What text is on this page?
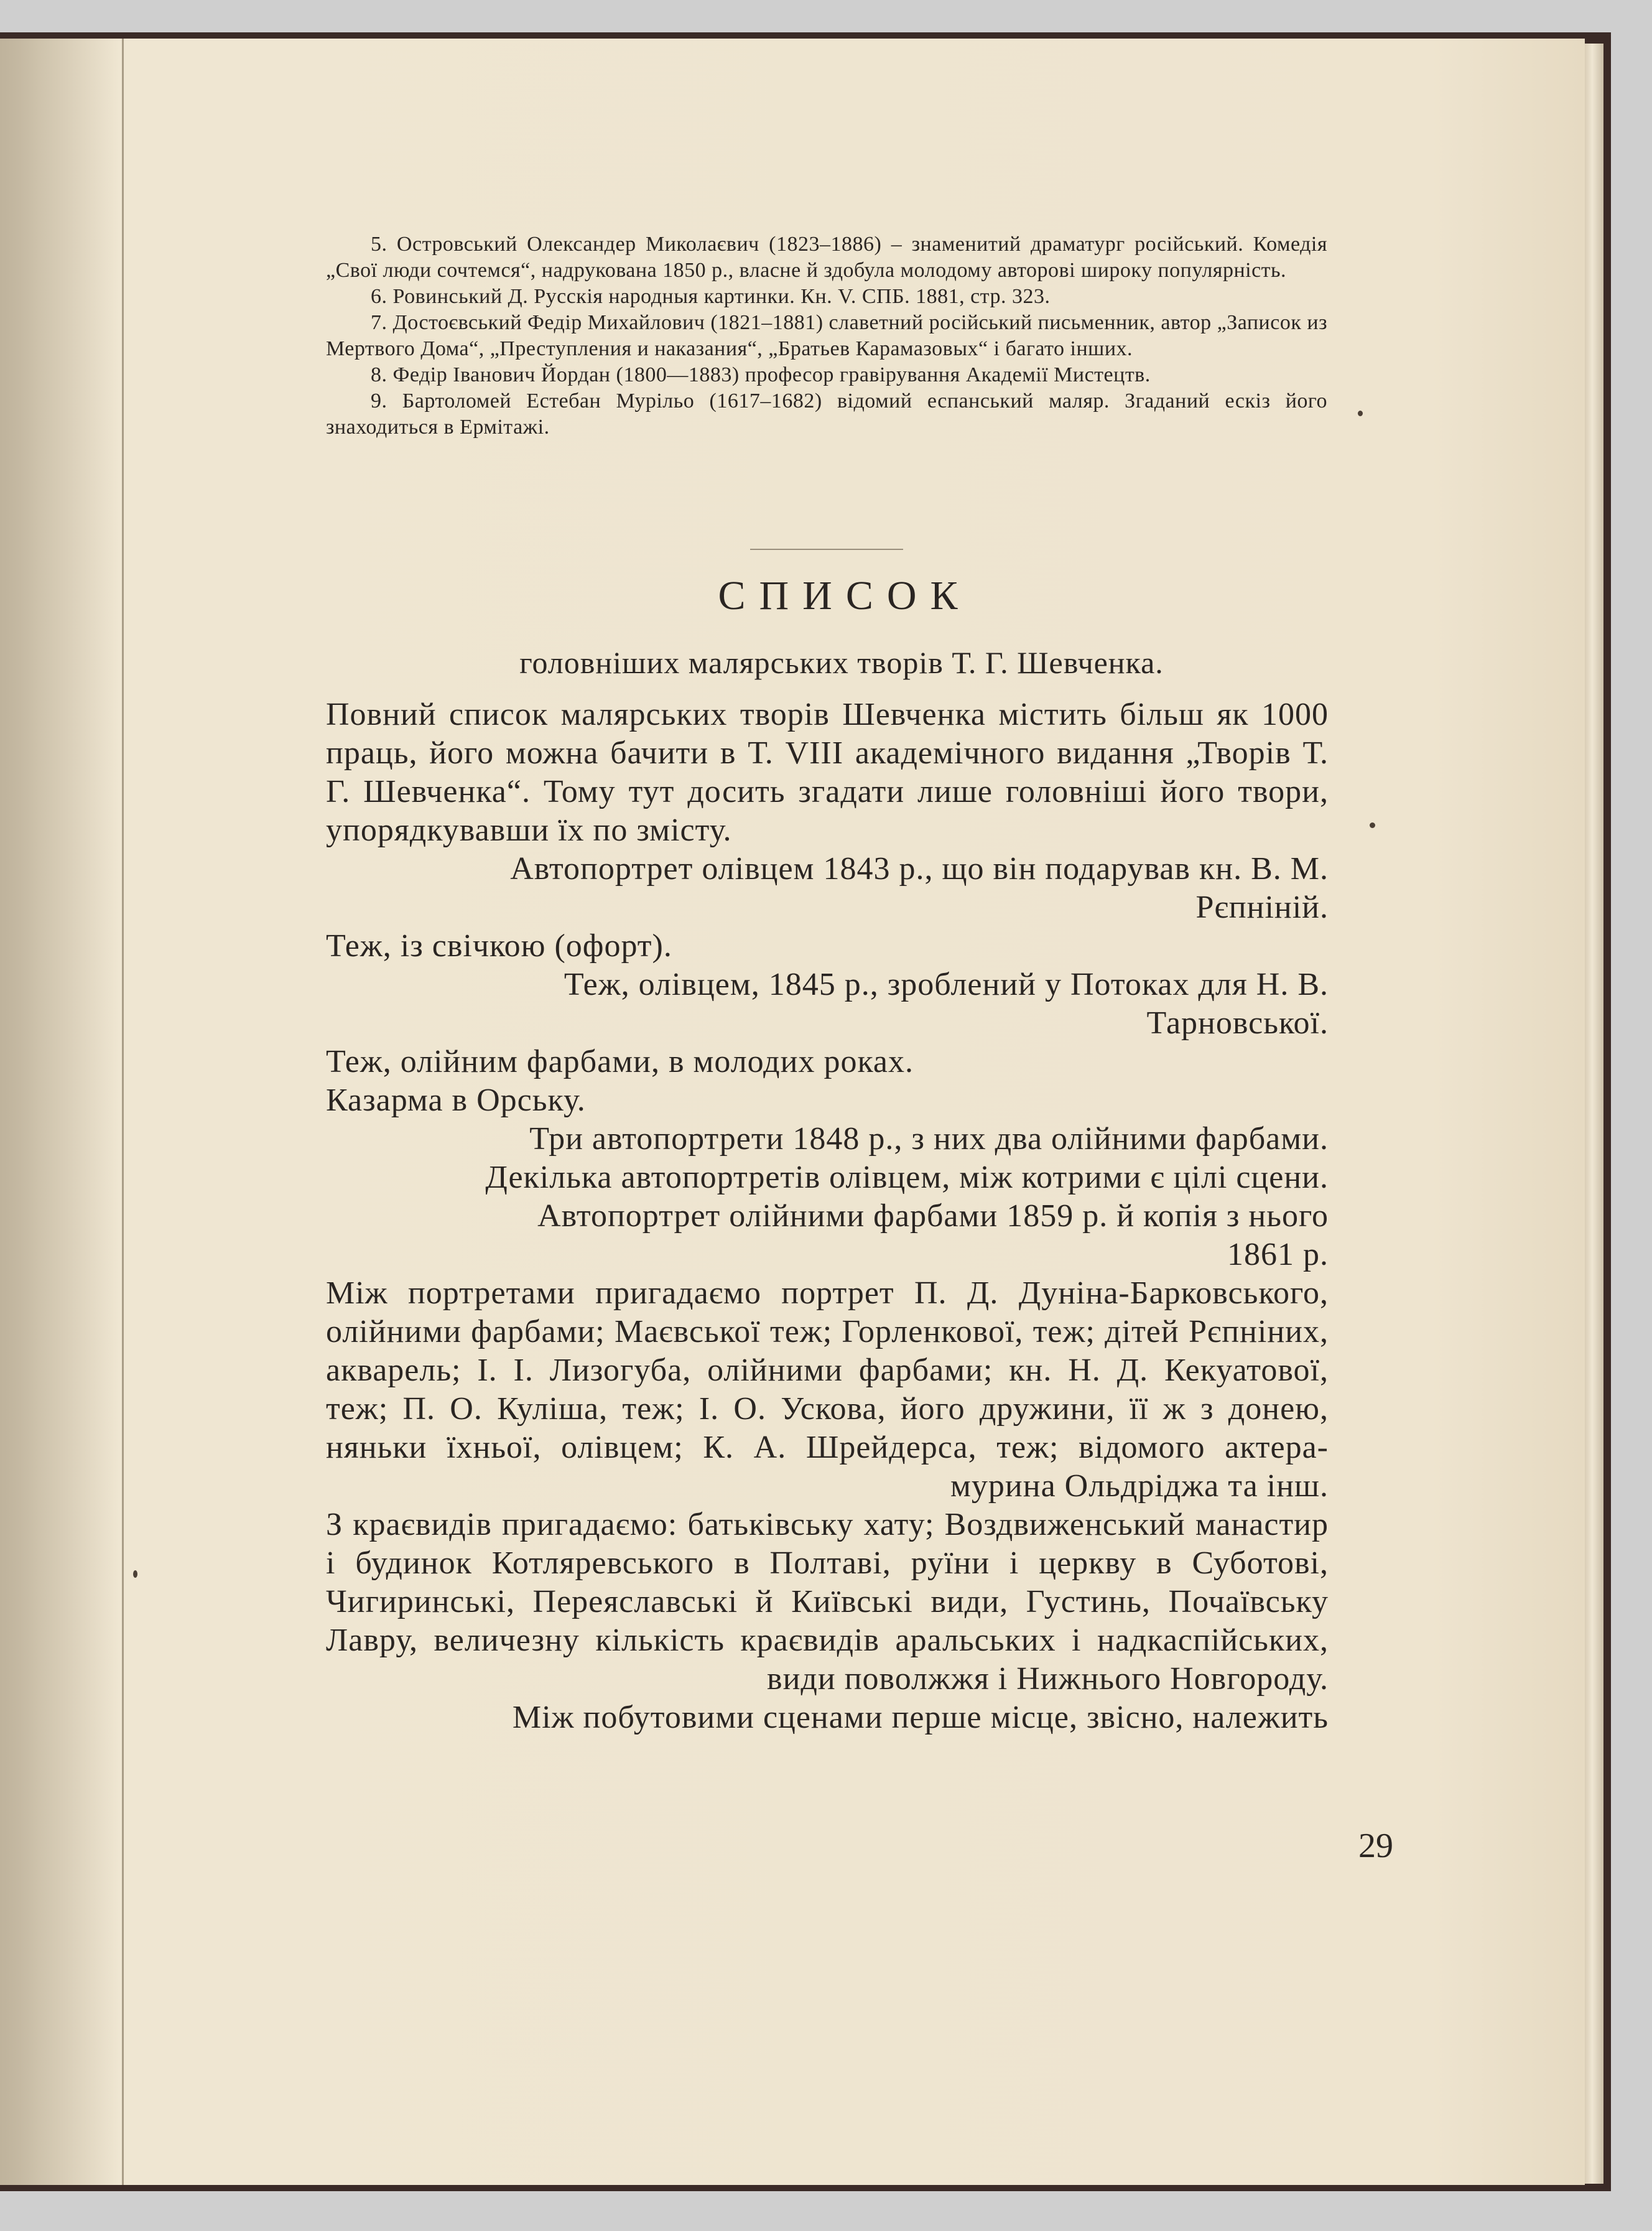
5. Островський Олександер Миколаєвич (1823–1886) – знаменитий драматург російський. Комедія „Свої люди сочтемся“, надрукована 1850 р., власне й здобула молодому авторові широку популярність.

6. Ровинський Д. Русскія народныя картинки. Кн. V. СПБ. 1881, стр. 323.

7. Достоєвський Федір Михайлович (1821–1881) славетний російський письменник, автор „Записок из Мертвого Дома“, „Преступления и наказания“, „Братьев Карамазовых“ і багато інших.

8. Федір Іванович Йордан (1800—1883) професор гравірування Академії Мистецтв.

9. Бартоломей Естебан Мурільо (1617–1682) відомий еспанський маляр. Згаданий ескіз його знаходиться в Ермітажі.

СПИСОК
головніших малярських творів Т. Г. Шевченка.

Повний список малярських творів Шевченка містить більш як 1000 праць, його можна бачити в Т. VIII академічного видання „Творів Т. Г. Шевченка“. Тому тут досить згадати лише головніші його твори, упорядкувавши їх по змісту.

Автопортрет олівцем 1843 р., що він подарував кн. В. М.

Рєпніній.

Теж, із свічкою (офорт).

Теж, олівцем, 1845 р., зроблений у Потоках для Н. В.

Тарновської.

Теж, олійним фарбами, в молодих роках.

Казарма в Орську.

Три автопортрети 1848 р., з них два олійними фарбами.

Декілька автопортретів олівцем, між котрими є цілі сцени.

Автопортрет олійними фарбами 1859 р. й копія з нього

1861 р.

Між портретами пригадаємо портрет П. Д. Дуніна-Барковського, олійними фарбами; Маєвської теж; Горленкової, теж; дітей Рєпніних, акварель; І. І. Лизогуба, олійними фарбами; кн. Н. Д. Кекуатової, теж; П. О. Куліша, теж; І. О. Ускова, його дружини, її ж з донею, няньки їхньої, олівцем; К. А. Шрейдерса, теж; відомого актера-мурина Ольдріджа та інш.

З краєвидів пригадаємо: батьківську хату; Воздвиженський манастир і будинок Котляревського в Полтаві, руїни і церкву в Суботові, Чигиринські, Переяславські й Київські види, Густинь, Почаївську Лавру, величезну кількість краєвидів аральських і надкаспійських, види поволжжя і Нижнього Новгороду.

Між побутовими сценами перше місце, звісно, належить

29
